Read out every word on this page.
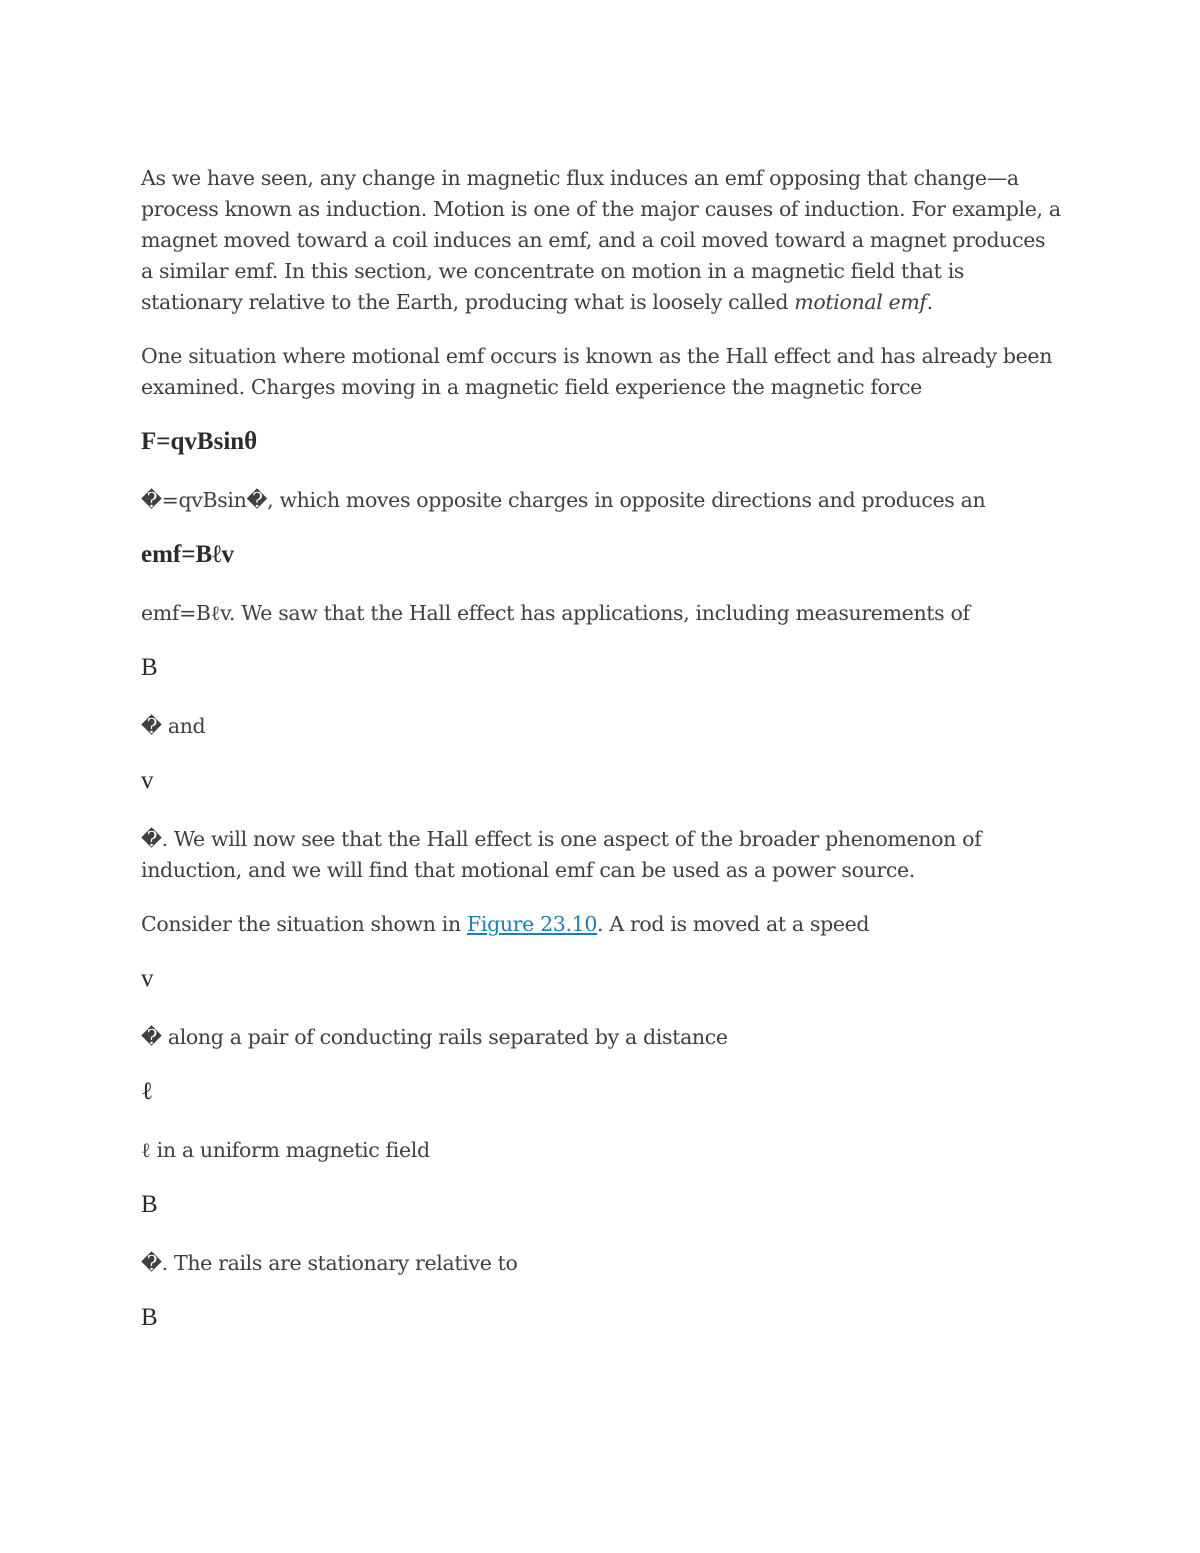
As we have seen, any change in magnetic flux induces an emf opposing that change—a process known as induction. Motion is one of the major causes of induction. For example, a magnet moved toward a coil induces an emf, and a coil moved toward a magnet produces a similar emf. In this section, we concentrate on motion in a magnetic field that is stationary relative to the Earth, producing what is loosely called motional emf.

One situation where motional emf occurs is known as the Hall effect and has already been examined. Charges moving in a magnetic field experience the magnetic force

F=qvBsinθ

�=qvBsin�, which moves opposite charges in opposite directions and produces an

emf=Bℓv

emf=Bℓv. We saw that the Hall effect has applications, including measurements of

B

� and

v

�. We will now see that the Hall effect is one aspect of the broader phenomenon of induction, and we will find that motional emf can be used as a power source.

Consider the situation shown in Figure 23.10. A rod is moved at a speed

v

� along a pair of conducting rails separated by a distance

ℓ

ℓ in a uniform magnetic field

B

�. The rails are stationary relative to

B
